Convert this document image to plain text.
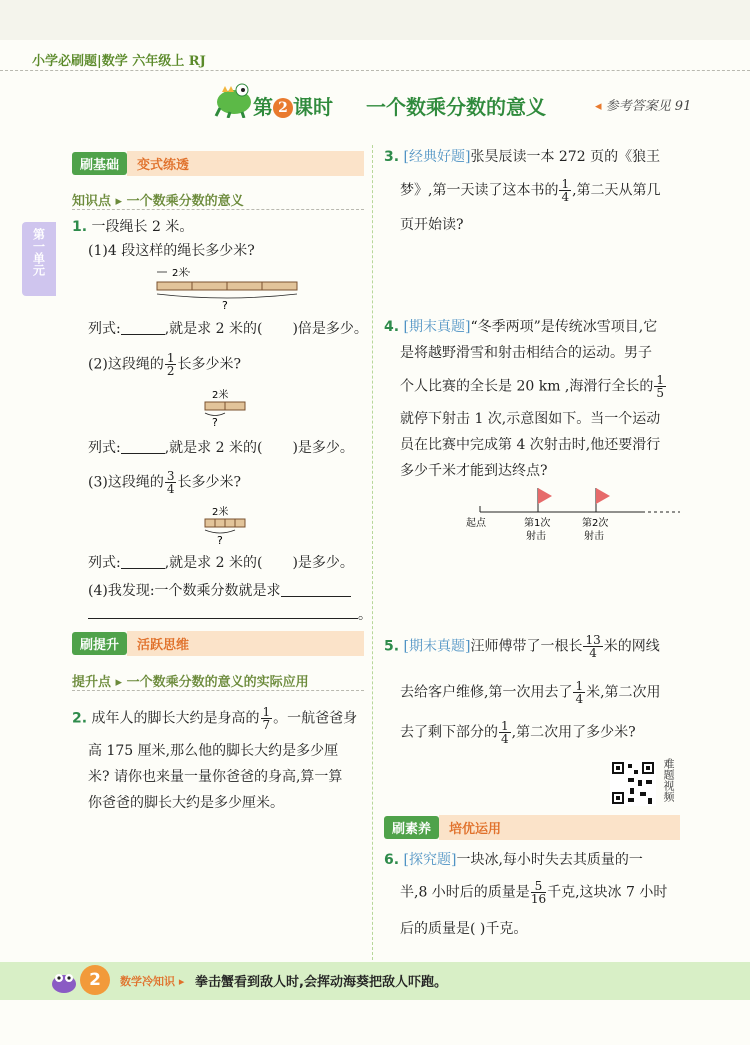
小学必刷题|数学 六年级上 RJ
第一单元
第 2 课时 一个数乘分数的意义	◂ 参考答案见 91
刷基础	变式练透
知识点 ▸ 一个数乘分数的意义
1. 一段绳长 2 米。
(1)4 段这样的绳长多少米?
2米
?
列式:	,就是求 2 米的( )倍是多少。
(2)这段绳的 $\frac{1}{2}$ 长多少米?
2米
?
列式:	,就是求 2 米的( )是多少。
(3)这段绳的 $\frac{3}{4}$ 长多少米?
2米
?
列式:	,就是求 2 米的( )是多少。
(4)我发现:一个数乘分数就是求
。
刷提升	活跃思维
提升点 ▸ 一个数乘分数的意义的实际应用
2. 成年人的脚长大约是身高的 $\frac{1}{7}$ 。一航爸爸身
高 175 厘米,那么他的脚长大约是多少厘
米? 请你也来量一量你爸爸的身高,算一算
你爸爸的脚长大约是多少厘米。
3. [经典好题]张昊辰读一本 272 页的《狼王
梦》,第一天读了这本书的 $\frac{1}{4}$ ,第二天从第几
页开始读?
4. [期末真题]“冬季两项”是传统冰雪项目,它
是将越野滑雪和射击相结合的运动。男子
个人比赛的全长是 20 km ,海滑行全长的 $\frac{1}{5}$
就停下射击 1 次,示意图如下。当一个运动
员在比赛中完成第 4 次射击时,他还要滑行
多少千米才能到达终点?
起点	第1次
射击
第2次
射击
5. [期末真题]汪师傅带了一根长 $\frac{13}{4}$ 米的网线
去给客户维修,第一次用去了 $\frac{1}{4}$ 米,第二次用
去了剩下部分的 $\frac{1}{4}$ ,第二次用了多少米?
难题视频
刷素养	培优运用
6. [探究题]一块冰,每小时失去其质量的一
半,8 小时后的质量是 $\frac{5}{16}$ 千克,这块冰 7 小时
后的质量是( )千克。
2	数学冷知识 ▸ 拳击蟹看到敌人时,会挥动海葵把敌人吓跑。
